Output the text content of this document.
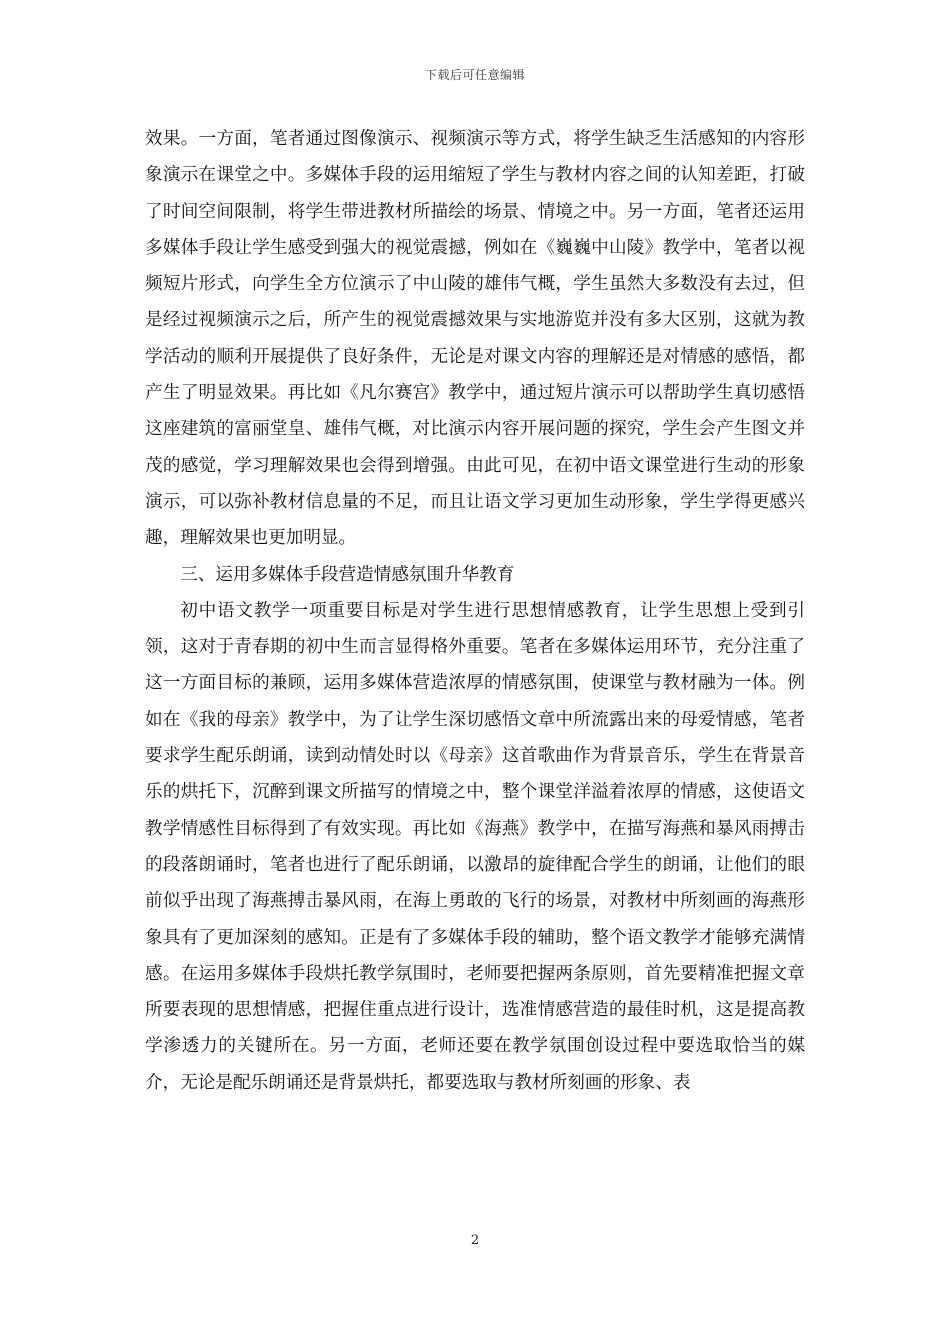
下载后可任意编辑

效果。一方面，笔者通过图像演示、视频演示等方式，将学生缺乏生活感知的内容形象演示在课堂之中。多媒体手段的运用缩短了学生与教材内容之间的认知差距，打破了时间空间限制，将学生带进教材所描绘的场景、情境之中。另一方面，笔者还运用多媒体手段让学生感受到强大的视觉震撼，例如在《巍巍中山陵》教学中，笔者以视频短片形式，向学生全方位演示了中山陵的雄伟气概，学生虽然大多数没有去过，但是经过视频演示之后，所产生的视觉震撼效果与实地游览并没有多大区别，这就为教学活动的顺利开展提供了良好条件，无论是对课文内容的理解还是对情感的感悟，都产生了明显效果。再比如《凡尔赛宫》教学中，通过短片演示可以帮助学生真切感悟这座建筑的富丽堂皇、雄伟气概，对比演示内容开展问题的探究，学生会产生图文并茂的感觉，学习理解效果也会得到增强。由此可见，在初中语文课堂进行生动的形象演示，可以弥补教材信息量的不足，而且让语文学习更加生动形象，学生学得更感兴趣，理解效果也更加明显。

三、运用多媒体手段营造情感氛围升华教育

初中语文教学一项重要目标是对学生进行思想情感教育，让学生思想上受到引领，这对于青春期的初中生而言显得格外重要。笔者在多媒体运用环节，充分注重了这一方面目标的兼顾，运用多媒体营造浓厚的情感氛围，使课堂与教材融为一体。例如在《我的母亲》教学中，为了让学生深切感悟文章中所流露出来的母爱情感，笔者要求学生配乐朗诵，读到动情处时以《母亲》这首歌曲作为背景音乐，学生在背景音乐的烘托下，沉醉到课文所描写的情境之中，整个课堂洋溢着浓厚的情感，这使语文教学情感性目标得到了有效实现。再比如《海燕》教学中，在描写海燕和暴风雨搏击的段落朗诵时，笔者也进行了配乐朗诵，以激昂的旋律配合学生的朗诵，让他们的眼前似乎出现了海燕搏击暴风雨，在海上勇敢的飞行的场景，对教材中所刻画的海燕形象具有了更加深刻的感知。正是有了多媒体手段的辅助，整个语文教学才能够充满情感。在运用多媒体手段烘托教学氛围时，老师要把握两条原则，首先要精准把握文章所要表现的思想情感，把握住重点进行设计，选准情感营造的最佳时机，这是提高教学渗透力的关键所在。另一方面，老师还要在教学氛围创设过程中要选取恰当的媒介，无论是配乐朗诵还是背景烘托，都要选取与教材所刻画的形象、表

2
